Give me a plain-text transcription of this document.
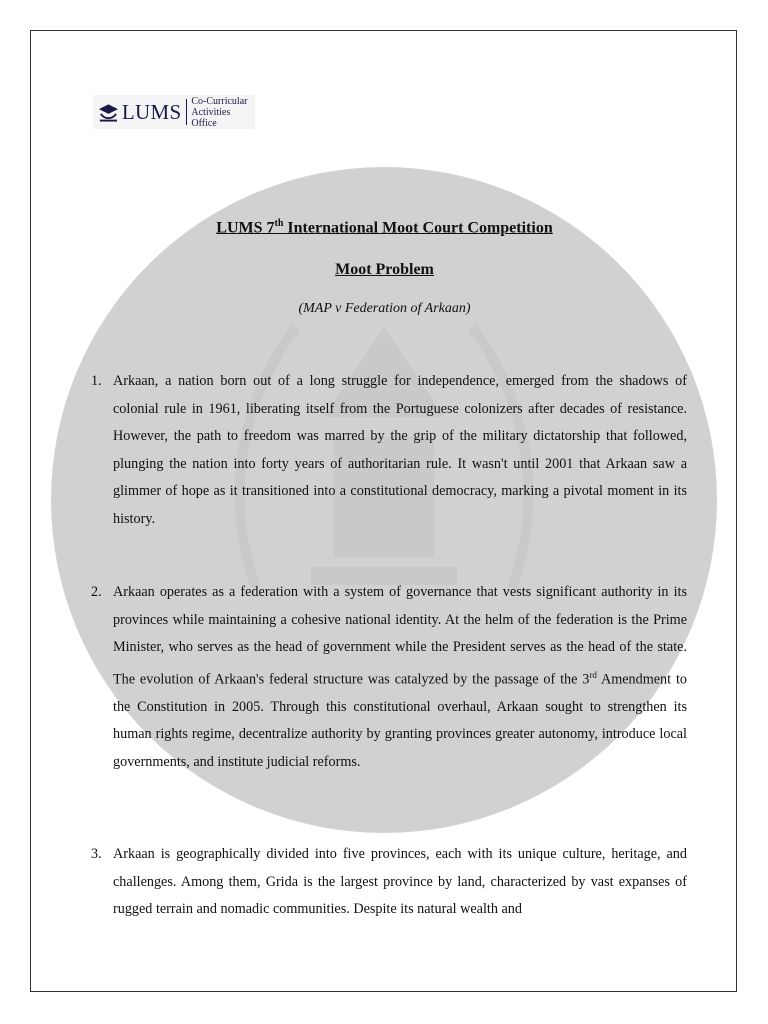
LUMS Co-Curricular
Activities Office
LUMS 7th International Moot Court Competition
Moot Problem
(MAP v Federation of Arkaan)
1. Arkaan, a nation born out of a long struggle for independence, emerged from the shadows of colonial rule in 1961, liberating itself from the Portuguese colonizers after decades of resistance. However, the path to freedom was marred by the grip of the military dictatorship that followed, plunging the nation into forty years of authoritarian rule. It wasn't until 2001 that Arkaan saw a glimmer of hope as it transitioned into a constitutional democracy, marking a pivotal moment in its history.
2. Arkaan operates as a federation with a system of governance that vests significant authority in its provinces while maintaining a cohesive national identity. At the helm of the federation is the Prime Minister, who serves as the head of government while the President serves as the head of the state. The evolution of Arkaan's federal structure was catalyzed by the passage of the 3rd Amendment to the Constitution in 2005. Through this constitutional overhaul, Arkaan sought to strengthen its human rights regime, decentralize authority by granting provinces greater autonomy, introduce local governments, and institute judicial reforms.
3. Arkaan is geographically divided into five provinces, each with its unique culture, heritage, and challenges. Among them, Grida is the largest province by land, characterized by vast expanses of rugged terrain and nomadic communities. Despite its natural wealth and
